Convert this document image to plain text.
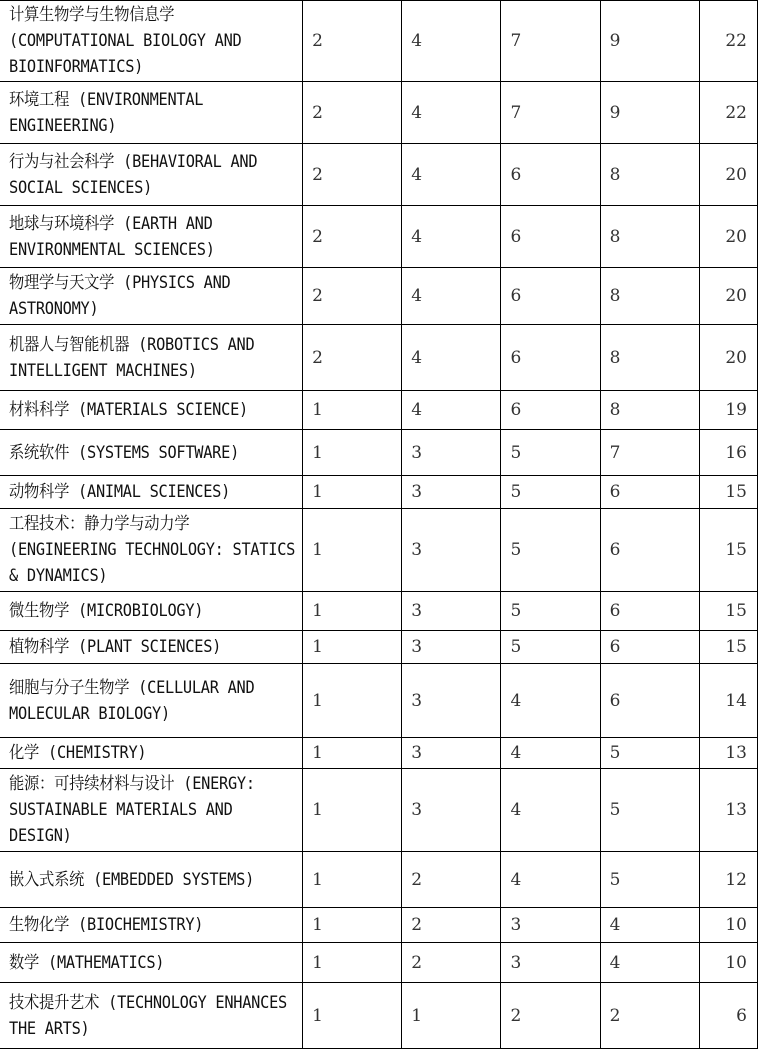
计算生物学与生物信息学 (COMPUTATIONAL BIOLOGY AND BIOINFORMATICS)	2	4	7	9	22

环境工程 (ENVIRONMENTAL ENGINEERING)	2	4	7	9	22

行为与社会科学 (BEHAVIORAL AND SOCIAL SCIENCES)	2	4	6	8	20

地球与环境科学 (EARTH AND ENVIRONMENTAL SCIENCES)	2	4	6	8	20

物理学与天文学 (PHYSICS AND ASTRONOMY)	2	4	6	8	20

机器人与智能机器 (ROBOTICS AND INTELLIGENT MACHINES)	2	4	6	8	20

材料科学 (MATERIALS SCIENCE)	1	4	6	8	19

系统软件 (SYSTEMS SOFTWARE)	1	3	5	7	16

动物科学 (ANIMAL SCIENCES)	1	3	5	6	15

工程技术：静力学与动力学 (ENGINEERING TECHNOLOGY: STATICS & DYNAMICS)	1	3	5	6	15

微生物学 (MICROBIOLOGY)	1	3	5	6	15

植物科学 (PLANT SCIENCES)	1	3	5	6	15

细胞与分子生物学 (CELLULAR AND MOLECULAR BIOLOGY)	1	3	4	6	14

化学 (CHEMISTRY)	1	3	4	5	13

能源：可持续材料与设计 (ENERGY: SUSTAINABLE MATERIALS AND DESIGN)	1	3	4	5	13

嵌入式系统 (EMBEDDED SYSTEMS)	1	2	4	5	12

生物化学 (BIOCHEMISTRY)	1	2	3	4	10

数学 (MATHEMATICS)	1	2	3	4	10

技术提升艺术 (TECHNOLOGY ENHANCES THE ARTS)	1	1	2	2	6
